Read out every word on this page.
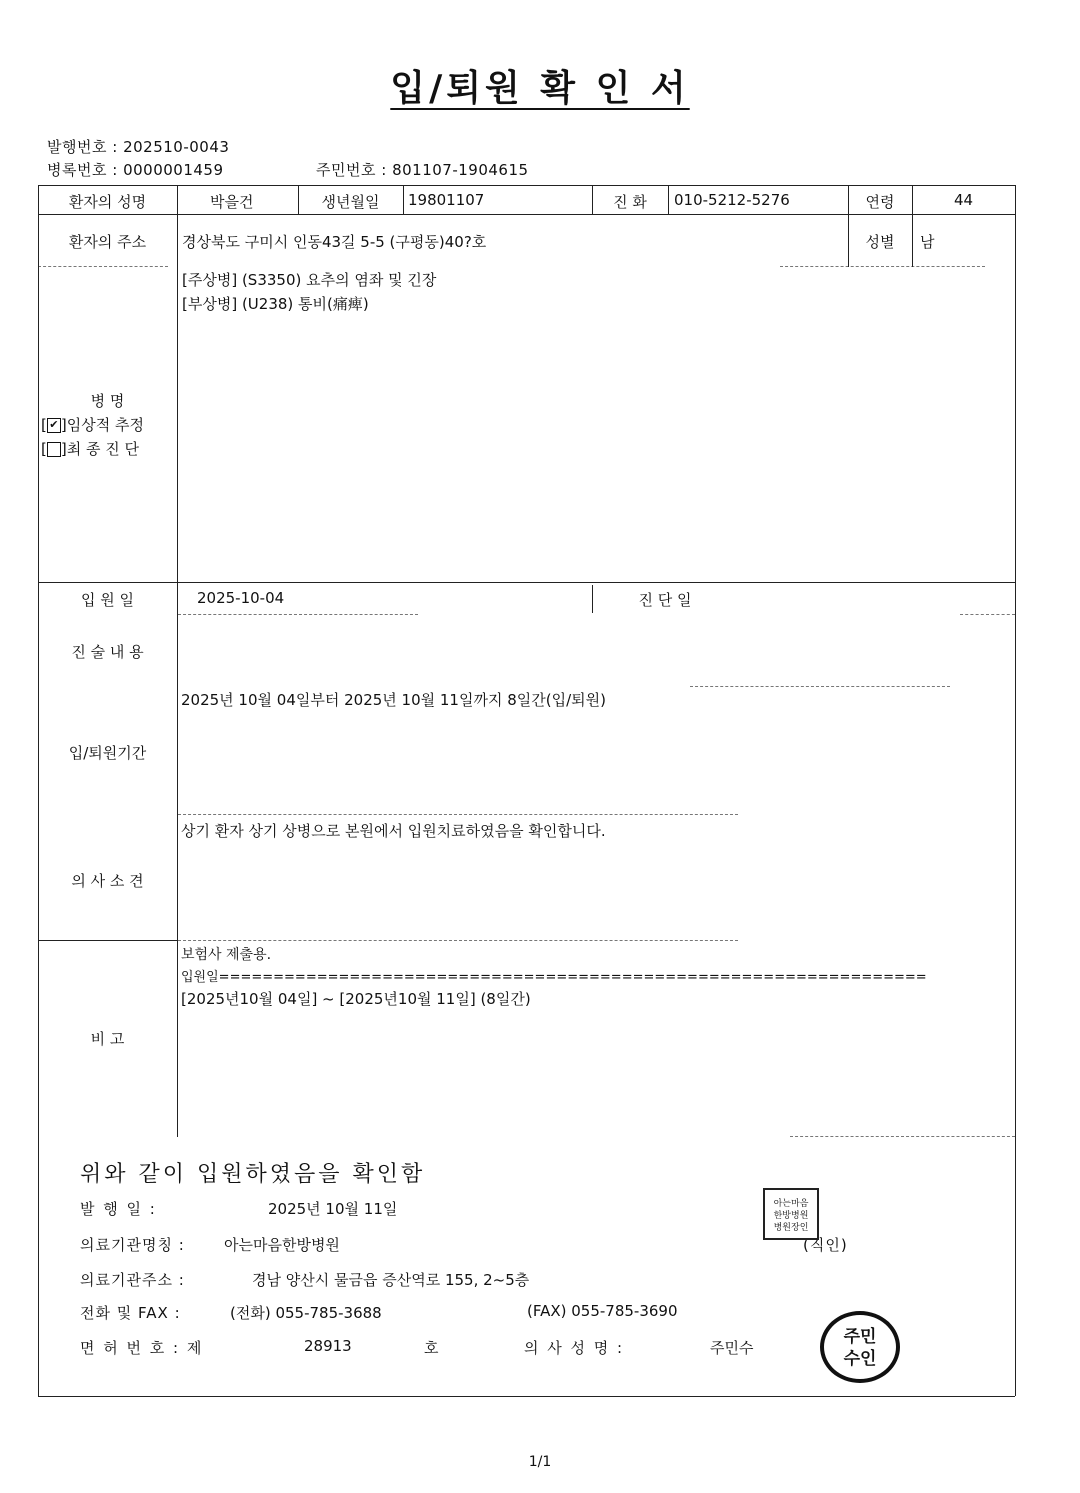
입/퇴원 확 인 서
발행번호 : 202510-0043
병록번호 : 0000001459	주민번호 : 801107-1904615
환자의 성명	박을건	생년월일	19801107	진 화	010-5212-5276	연령	44
환자의 주소	경상북도 구미시 인동43길 5-5 (구평동)40?호	성별	남
[주상병] (S3350) 요추의 염좌 및 긴장
[부상병] (U238) 통비(痛痺)
병 명
[ ✔ ]임상적 추정
[ ]최 종 진 단
입 원 일	2025-10-04	진 단 일
진 술 내 용
2025년 10월 04일부터 2025년 10월 11일까지 8일간(입/퇴원)
입/퇴원기간
상기 환자 상기 상병으로 본원에서 입원치료하였음을 확인합니다.
의 사 소 견
보험사 제출용.
입원일=================================================================
[2025년10월 04일] ~ [2025년10월 11일] (8일간)
비 고
위와 같이 입원하였음을 확인함
발 행 일 :	2025년 10월 11일
의료기관명칭 :	아는마음한방병원	(직인)
의료기관주소 :	경남 양산시 물금읍 증산역로 155, 2~5층
전화 및 FAX :	(전화) 055-785-3688	(FAX) 055-785-3690
면 허 번 호 : 제	28913	호	의 사 성 명 :	주민수
아는마음
한방병원
병원장인
주민
수인
1/1
